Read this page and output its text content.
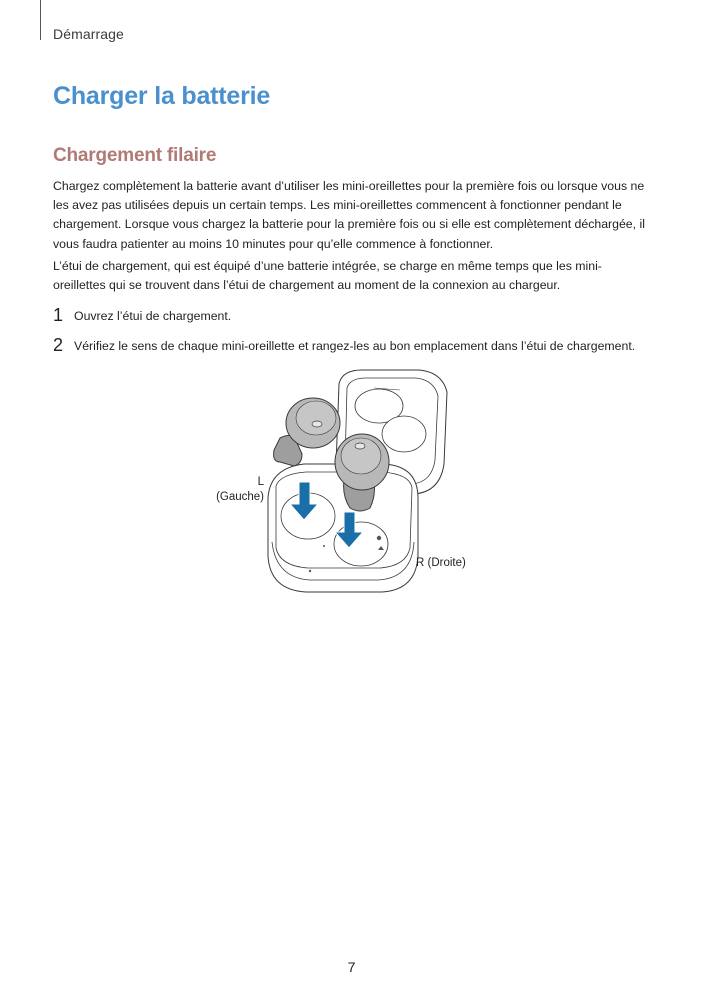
Démarrage
Charger la batterie
Chargement filaire

Chargez complètement la batterie avant d’utiliser les mini-oreillettes pour la première fois ou lorsque vous ne les avez pas utilisées depuis un certain temps. Les mini-oreillettes commencent à fonctionner pendant le chargement. Lorsque vous chargez la batterie pour la première fois ou si elle est complètement déchargée, il vous faudra patienter au moins 10 minutes pour qu’elle commence à fonctionner.

L’étui de chargement, qui est équipé d’une batterie intégrée, se charge en même temps que les mini-oreillettes qui se trouvent dans l’étui de chargement au moment de la connexion au chargeur.

1 Ouvrez l’étui de chargement.
2 Vérifiez le sens de chaque mini-oreillette et rangez-les au bon emplacement dans l’étui de chargement.
L
(Gauche)
R (Droite)
7
